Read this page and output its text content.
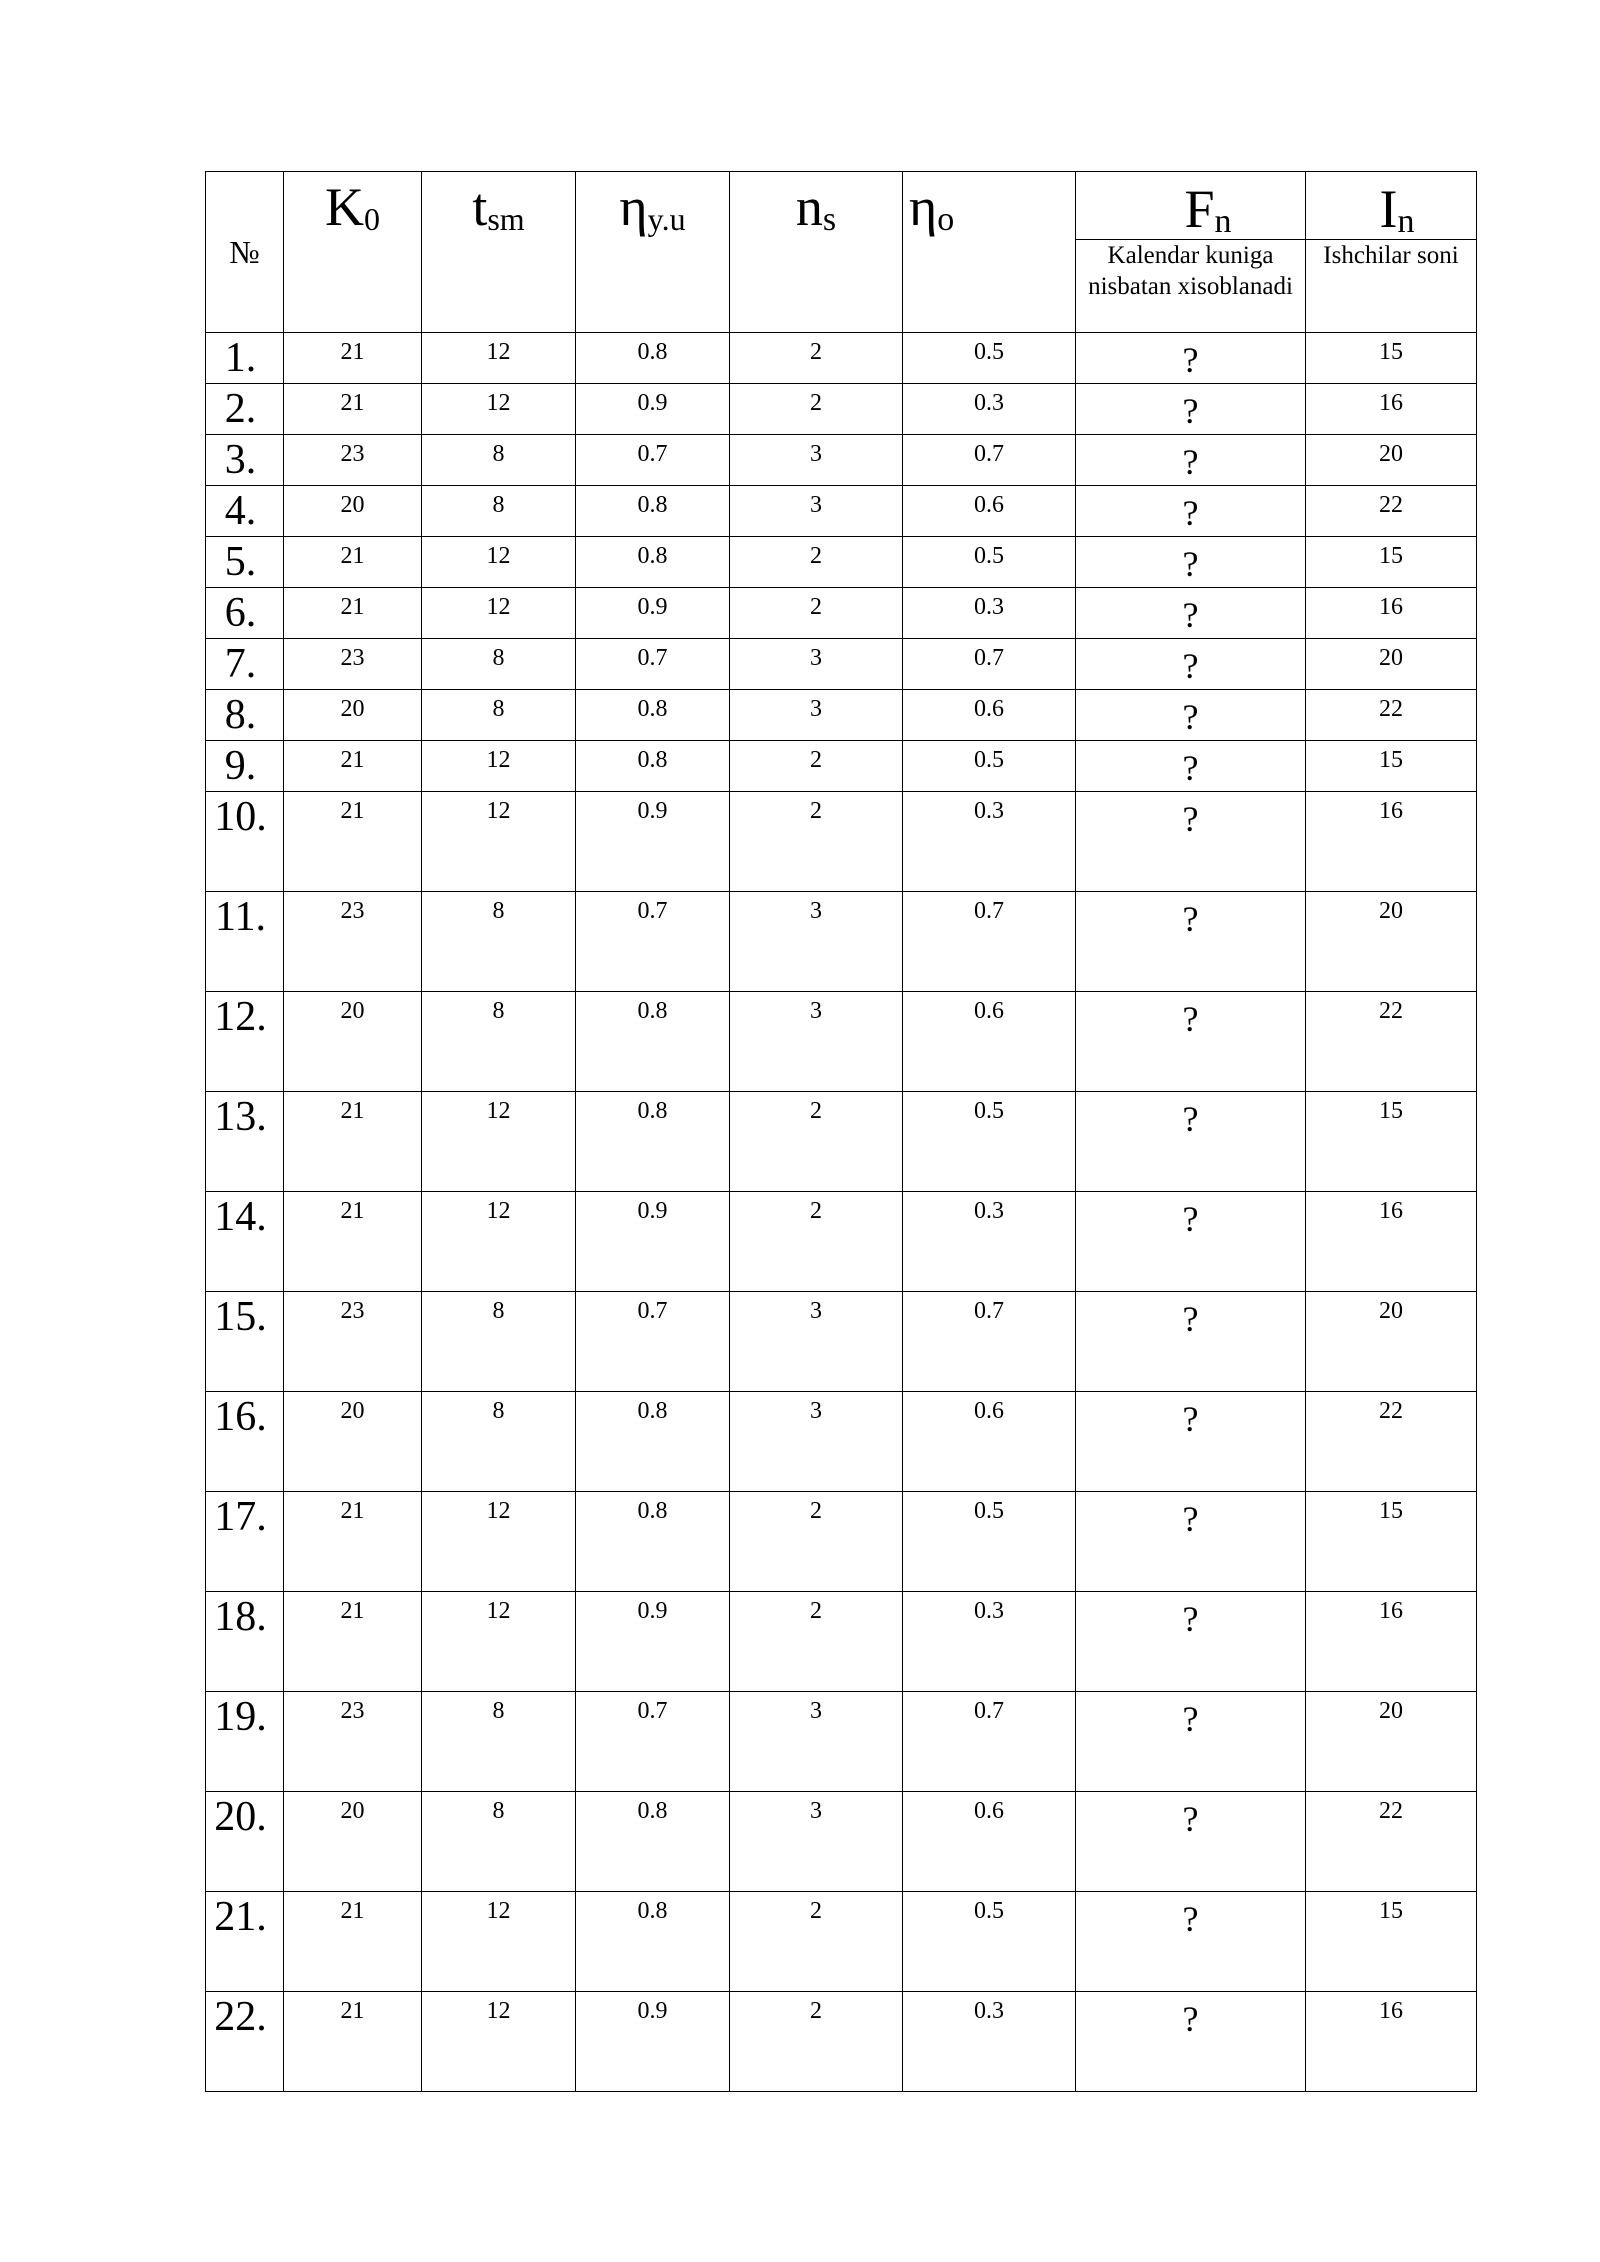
№	K0	tsm	ηy.u	ns	ηo	Fn	In
						Kalendar kuniga nisbatan xisoblanadi	Ishchilar soni
1.	21	12	0.8	2	0.5	?	15
2.	21	12	0.9	2	0.3	?	16
3.	23	8	0.7	3	0.7	?	20
4.	20	8	0.8	3	0.6	?	22
5.	21	12	0.8	2	0.5	?	15
6.	21	12	0.9	2	0.3	?	16
7.	23	8	0.7	3	0.7	?	20
8.	20	8	0.8	3	0.6	?	22
9.	21	12	0.8	2	0.5	?	15
10.	21	12	0.9	2	0.3	?	16
11.	23	8	0.7	3	0.7	?	20
12.	20	8	0.8	3	0.6	?	22
13.	21	12	0.8	2	0.5	?	15
14.	21	12	0.9	2	0.3	?	16
15.	23	8	0.7	3	0.7	?	20
16.	20	8	0.8	3	0.6	?	22
17.	21	12	0.8	2	0.5	?	15
18.	21	12	0.9	2	0.3	?	16
19.	23	8	0.7	3	0.7	?	20
20.	20	8	0.8	3	0.6	?	22
21.	21	12	0.8	2	0.5	?	15
22.	21	12	0.9	2	0.3	?	16
